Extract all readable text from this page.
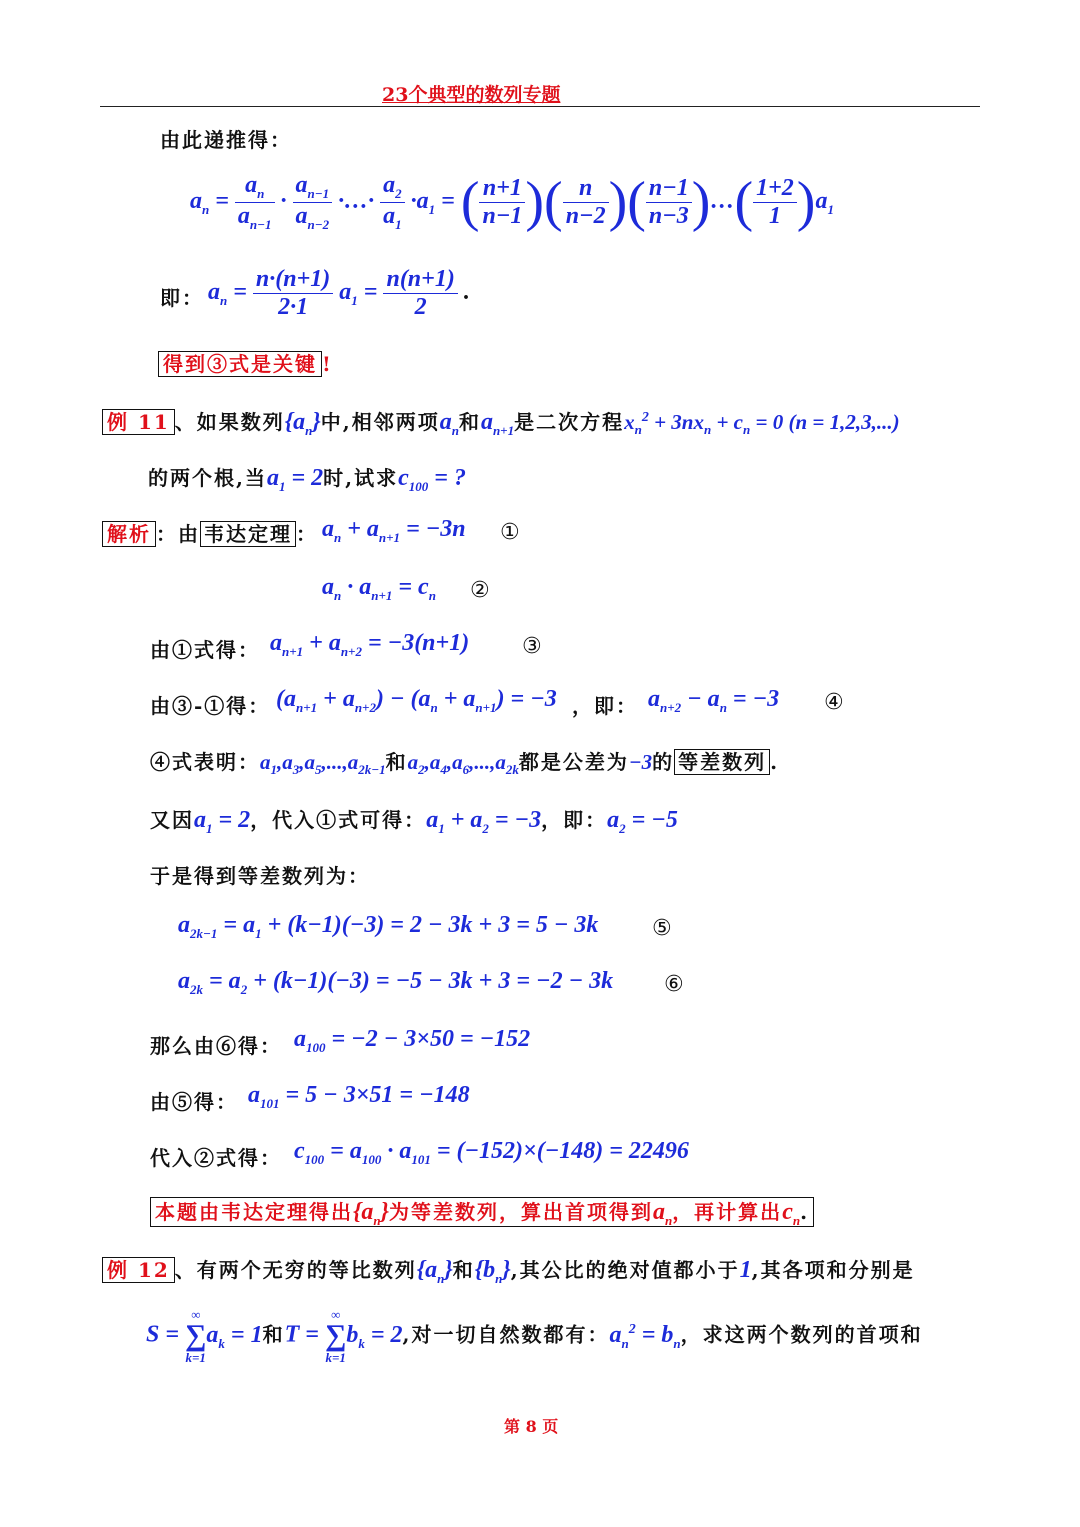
23个典型的数列专题
由此递推得：
$a_n = \frac{a_n}{a_{n-1}} \cdot \frac{a_{n-1}}{a_{n-2}}$ ·…· $\frac{a_2}{a_1} \cdot a_1$ = ( $\frac{n+1}{n-1}$ )( $\frac{n}{n-2}$ )( $\frac{n-1}{n-3}$ )…( $\frac{1+2}{1} )a_1$
即： $a_n = \frac{n\cdot(n+1)}{2\cdot 1} a_1 = \frac{n(n+1)}{2}$ .
得到③式是关键 !
例 11 、如果数列$\{a_n\}$中,相邻两项$a_n$和$a_{n+1}$是二次方程$x_n^2 + 3nx_n + c_n = 0$ (n = 1,2,3,...)
的两个根,当$a_1 = 2$时,试求$c_{100}$ = ?
解析 ：由 韦达定理 ： $a_n + a_{n+1} = -3n$ ①
$a_n \cdot a_{n+1} = c_n$ ②
由①式得： $a_{n+1} + a_{n+2} = -3(n+1)$ ③
由③-①得： $(a_{n+1} + a_{n+2}) - (a_n + a_{n+1}) = -3$ ，即： $a_{n+2} - a_n = -3$ ④
④式表明：$a_1,a_3,a_5,...,a_{2k-1}$和$a_2,a_4,a_6,...,a_{2k}$都是公差为−3的 等差数列 .
又因$a_1 = 2$，代入①式可得：$a_1 + a_2 = -3$，即：$a_2 = -5$
于是得到等差数列为：
$a_{2k-1} = a_1 + (k-1)(-3) = 2 - 3k + 3 = 5 - 3k$ ⑤
$a_{2k} = a_2 + (k-1)(-3) = -5 - 3k + 3 = -2 - 3k$ ⑥
那么由⑥得： $a_{100} = -2 - 3\times 50 = -152$
由⑤得： $a_{101} = 5 - 3\times 51 = -148$
代入②式得： $c_{100} = a_{100} \cdot a_{101} = (-152)\times(-148) = 22496$
本题由韦达定理得出$\{a_n\}$为等差数列，算出首项得到$a_n$，再计算出$c_n$.
例 12 、有两个无穷的等比数列$\{a_n\}$和$\{b_n\}$,其公比的绝对值都小于1,其各项和分别是
S =
∞
∑
k=1
$a_k = 1$和T =
∞
∑
k=1
$b_k = 2$,对一切自然数都有：$a_n^2 = b_n$，求这两个数列的首项和
第 8 页
